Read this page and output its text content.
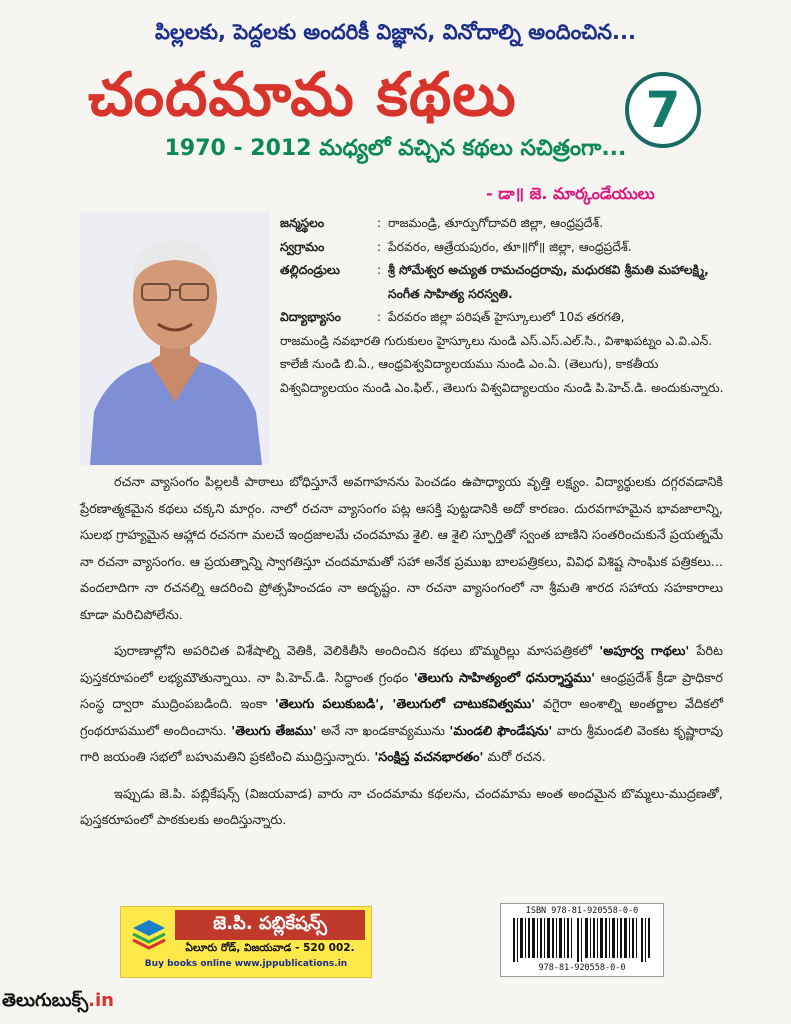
పిల్లలకు, పెద్దలకు అందరికీ విజ్ఞాన, వినోదాల్ని అందించిన...
చందమామ కథలు	7
1970 - 2012 మధ్యలో వచ్చిన కథలు సచిత్రంగా...
- డా॥ జె. మార్కండేయులు
జన్మస్థలం	: రాజమండ్రి, తూర్పుగోదావరి జిల్లా, ఆంధ్రప్రదేశ్.
స్వగ్రామం	: పేరవరం, ఆత్రేయపురం, తూ॥గో॥ జిల్లా, ఆంధ్రప్రదేశ్.
తల్లిదండ్రులు	: శ్రీ సోమేశ్వర అచ్యుత రామచంద్రరావు, మధురకవి శ్రీమతి మహాలక్ష్మి, సంగీత సాహిత్య సరస్వతి.
విద్యాభ్యాసం	: పేరవరం జిల్లా పరిషత్ హైస్కూలులో 10వ తరగతి,
రాజమండ్రి నవభారతి గురుకులం హైస్కూలు నుండి ఎస్.ఎస్.ఎల్.సి., విశాఖపట్నం ఎ.వి.ఎన్. కాలేజీ నుండి బి.ఏ., ఆంధ్రవిశ్వవిద్యాలయము నుండి ఎం.ఏ. (తెలుగు), కాకతీయ విశ్వవిద్యాలయం నుండి ఎం.ఫిల్., తెలుగు విశ్వవిద్యాలయం నుండి పి.హెచ్.డి. అందుకున్నారు.

రచనా వ్యాసంగం పిల్లలకి పాఠాలు బోధిస్తూనే అవగాహనను పెంచడం ఉపాధ్యాయ వృత్తి లక్ష్యం. విద్యార్థులకు దగ్గరవడానికి ప్రేరణాత్మకమైన కథలు చక్కని మార్గం. నాలో రచనా వ్యాసంగం పట్ల ఆసక్తి పుట్టడానికి అదో కారణం. దురవగాహమైన భావజాలాన్ని, సులభ గ్రాహ్యమైన ఆహ్లాద రచనగా మలచే ఇంద్రజాలమే చందమామ శైలి. ఆ శైలి స్ఫూర్తితో స్వంత బాణిని సంతరించుకునే ప్రయత్నమే నా రచనా వ్యాసంగం. ఆ ప్రయత్నాన్ని స్వాగతిస్తూ చందమామతో సహా అనేక ప్రముఖ బాలపత్రికలు, వివిధ విశిష్ట సాంఘిక పత్రికలు... వందలాదిగా నా రచనల్ని ఆదరించి ప్రోత్సహించడం నా అదృష్టం. నా రచనా వ్యాసంగంలో నా శ్రీమతి శారద సహాయ సహకారాలు కూడా మరిచిపోలేను.

పురాణాల్లోని అపరిచిత విశేషాల్ని వెతికి, వెలికితీసి అందించిన కథలు బొమ్మరిల్లు మాసపత్రికలో 'అపూర్వ గాథలు' పేరిట పుస్తకరూపంలో లభ్యమౌతున్నాయి. నా పి.హెచ్.డి. సిద్ధాంత గ్రంథం 'తెలుగు సాహిత్యంలో ధనుర్శాస్త్రము' ఆంధ్రప్రదేశ్ క్రీడా ప్రాధికార సంస్థ ద్వారా ముద్రింపబడింది. ఇంకా 'తెలుగు పలుకుబడి', 'తెలుగులో చాటుకవిత్వము' వగైరా అంశాల్ని అంతర్జాల వేదికలో గ్రంథరూపములో అందించాను. 'తెలుగు తేజము' అనే నా ఖండకావ్యమును 'మండలి ఫౌండేషను' వారు శ్రీమండలి వెంకట కృష్ణారావు గారి జయంతి సభలో బహుమతిని ప్రకటించి ముద్రిస్తున్నారు. 'సంక్షిప్త వచనభారతం' మరో రచన.

ఇప్పుడు జె.పి. పబ్లికేషన్స్ (విజయవాడ) వారు నా చందమామ కథలను, చందమామ అంత అందమైన బొమ్మలు-ముద్రణతో, పుస్తకరూపంలో పాఠకులకు అందిస్తున్నారు.

జె.పి. పబ్లికేషన్స్
ఏలూరు రోడ్, విజయవాడ - 520 002.
Buy books online www.jppublications.in
ISBN 978-81-920558-0-0
978-81-920558-0-0
తెలుగుబుక్స్.in
